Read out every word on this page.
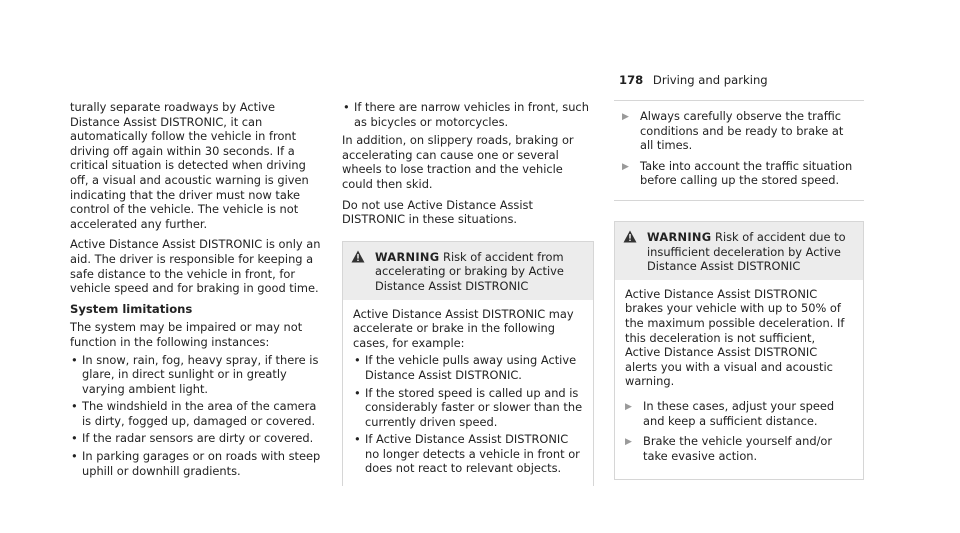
178 Driving and parking

turally separate roadways by Active Distance Assist DISTRONIC, it can automatically follow the vehicle in front driving off again within 30 seconds. If a critical situation is detected when driving off, a visual and acoustic warning is given indicating that the driver must now take control of the vehicle. The vehicle is not accelerated any further.

Active Distance Assist DISTRONIC is only an aid. The driver is responsible for keeping a safe distance to the vehicle in front, for vehicle speed and for braking in good time.

System limitations

The system may be impaired or may not function in the following instances:

• In snow, rain, fog, heavy spray, if there is glare, in direct sunlight or in greatly varying ambient light.
• The windshield in the area of the camera is dirty, fogged up, damaged or covered.
• If the radar sensors are dirty or covered.
• In parking garages or on roads with steep uphill or downhill gradients.
• If there are narrow vehicles in front, such as bicycles or motorcycles.

In addition, on slippery roads, braking or accelerating can cause one or several wheels to lose traction and the vehicle could then skid.

Do not use Active Distance Assist DISTRONIC in these situations.

WARNING Risk of accident from accelerating or braking by Active Distance Assist DISTRONIC

Active Distance Assist DISTRONIC may accelerate or brake in the following cases, for example:

• If the vehicle pulls away using Active Distance Assist DISTRONIC.
• If the stored speed is called up and is considerably faster or slower than the currently driven speed.
• If Active Distance Assist DISTRONIC no longer detects a vehicle in front or does not react to relevant objects.
▶ Always carefully observe the traffic conditions and be ready to brake at all times.
▶ Take into account the traffic situation before calling up the stored speed.
WARNING Risk of accident due to insufficient deceleration by Active Distance Assist DISTRONIC

Active Distance Assist DISTRONIC brakes your vehicle with up to 50% of the maximum possible deceleration. If this deceleration is not sufficient, Active Distance Assist DISTRONIC alerts you with a visual and acoustic warning.

▶ In these cases, adjust your speed and keep a sufficient distance.
▶ Brake the vehicle yourself and/or take evasive action.
